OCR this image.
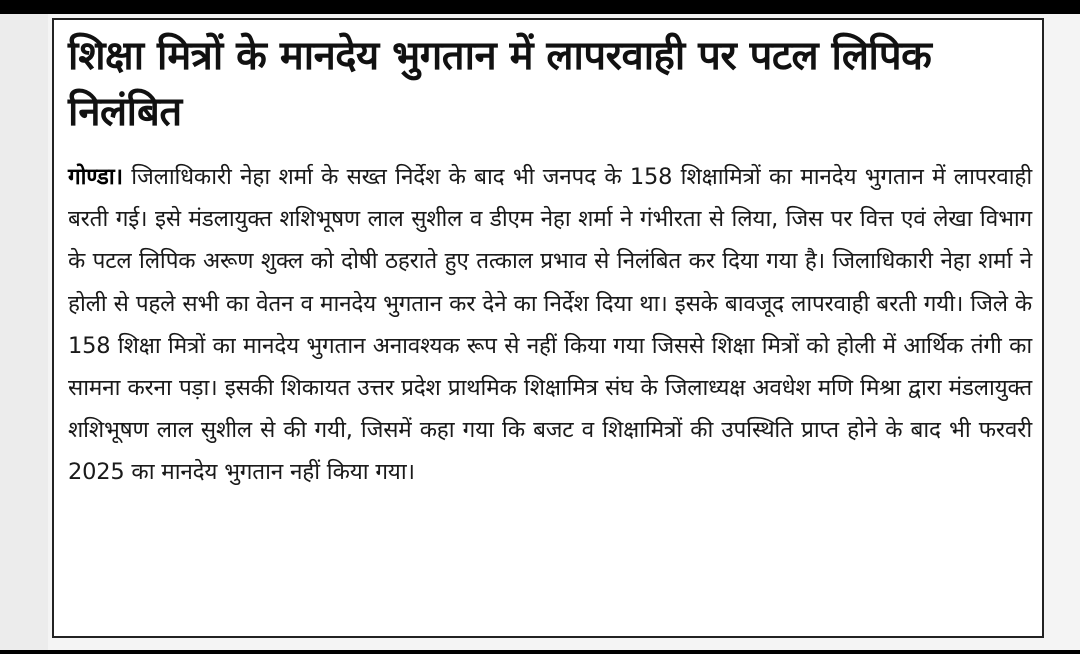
शिक्षा मित्रों के मानदेय भुगतान में लापरवाही पर पटल लिपिक निलंबित

गोण्डा। जिलाधिकारी नेहा शर्मा के सख्त निर्देश के बाद भी जनपद के 158 शिक्षामित्रों का मानदेय भुगतान में लापरवाही बरती गई। इसे मंडलायुक्त शशिभूषण लाल सुशील व डीएम नेहा शर्मा ने गंभीरता से लिया, जिस पर वित्त एवं लेखा विभाग के पटल लिपिक अरूण शुक्ल को दोषी ठहराते हुए तत्काल प्रभाव से निलंबित कर दिया गया है। जिलाधिकारी नेहा शर्मा ने होली से पहले सभी का वेतन व मानदेय भुगतान कर देने का निर्देश दिया था। इसके बावजूद लापरवाही बरती गयी। जिले के 158 शिक्षा मित्रों का मानदेय भुगतान अनावश्यक रूप से नहीं किया गया जिससे शिक्षा मित्रों को होली में आर्थिक तंगी का सामना करना पड़ा। इसकी शिकायत उत्तर प्रदेश प्राथमिक शिक्षामित्र संघ के जिलाध्यक्ष अवधेश मणि मिश्रा द्वारा मंडलायुक्त शशिभूषण लाल सुशील से की गयी, जिसमें कहा गया कि बजट व शिक्षामित्रों की उपस्थिति प्राप्त होने के बाद भी फरवरी 2025 का मानदेय भुगतान नहीं किया गया।
